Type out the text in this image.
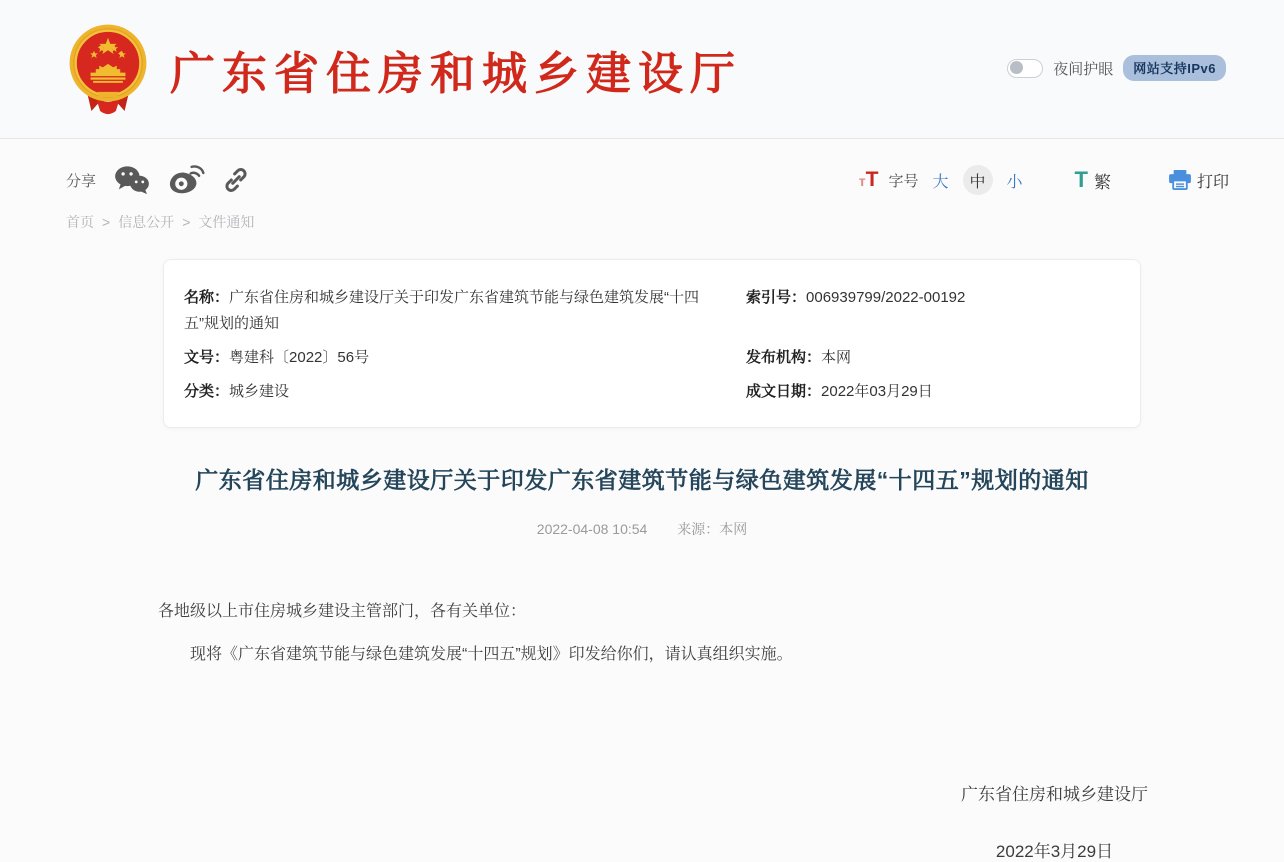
广东省住房和城乡建设厅	夜间护眼	网站支持IPv6
分享	тT 字号 大	中	小 T 繁	打印
首页 > 信息公开 > 文件通知
名称：广东省住房和城乡建设厅关于印发广东省建筑节能与绿色建筑发展“十四五”规划的通知
索引号：006939799/2022-00192
文号：粤建科〔2022〕56号	发布机构：本网
分类：城乡建设	成文日期：2022年03月29日
广东省住房和城乡建设厅关于印发广东省建筑节能与绿色建筑发展“十四五”规划的通知
2022-04-08 10:54 来源：本网

各地级以上市住房城乡建设主管部门，各有关单位：

现将《广东省建筑节能与绿色建筑发展“十四五”规划》印发给你们，请认真组织实施。

广东省住房和城乡建设厅
2022年3月29日
